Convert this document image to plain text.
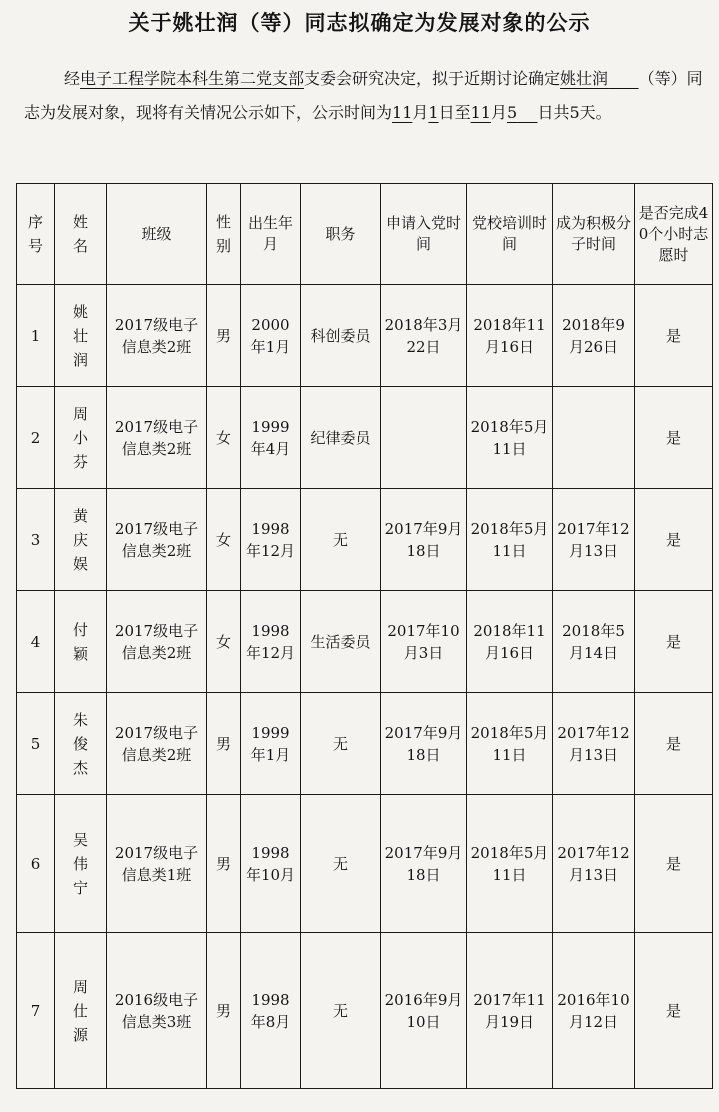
关于姚壮润（等）同志拟确定为发展对象的公示
经电子工程学院本科生第二党支部支委会研究决定，拟于近期讨论确定姚壮润 （等）同志为发展对象，现将有关情况公示如下，公示时间为11月1日至11月5 日共5天。
序号	姓名	班级	性别	出生年月	职务	申请入党时间	党校培训时间	成为积极分子时间	是否完成40个小时志愿时
1	姚壮润	2017级电子信息类2班	男	2000年1月	科创委员	2018年3月22日	2018年11月16日	2018年9月26日	是
2	周小芬	2017级电子信息类2班	女	1999年4月	纪律委员		2018年5月11日		是
3	黄庆娱	2017级电子信息类2班	女	1998年12月	无	2017年9月18日	2018年5月11日	2017年12月13日	是
4	付颖	2017级电子信息类2班	女	1998年12月	生活委员	2017年10月3日	2018年11月16日	2018年5月14日	是
5	朱俊杰	2017级电子信息类2班	男	1999年1月	无	2017年9月18日	2018年5月11日	2017年12月13日	是
6	吴伟宁	2017级电子信息类1班	男	1998年10月	无	2017年9月18日	2018年5月11日	2017年12月13日	是
7	周仕源	2016级电子信息类3班	男	1998年8月	无	2016年9月10日	2017年11月19日	2016年10月12日	是
